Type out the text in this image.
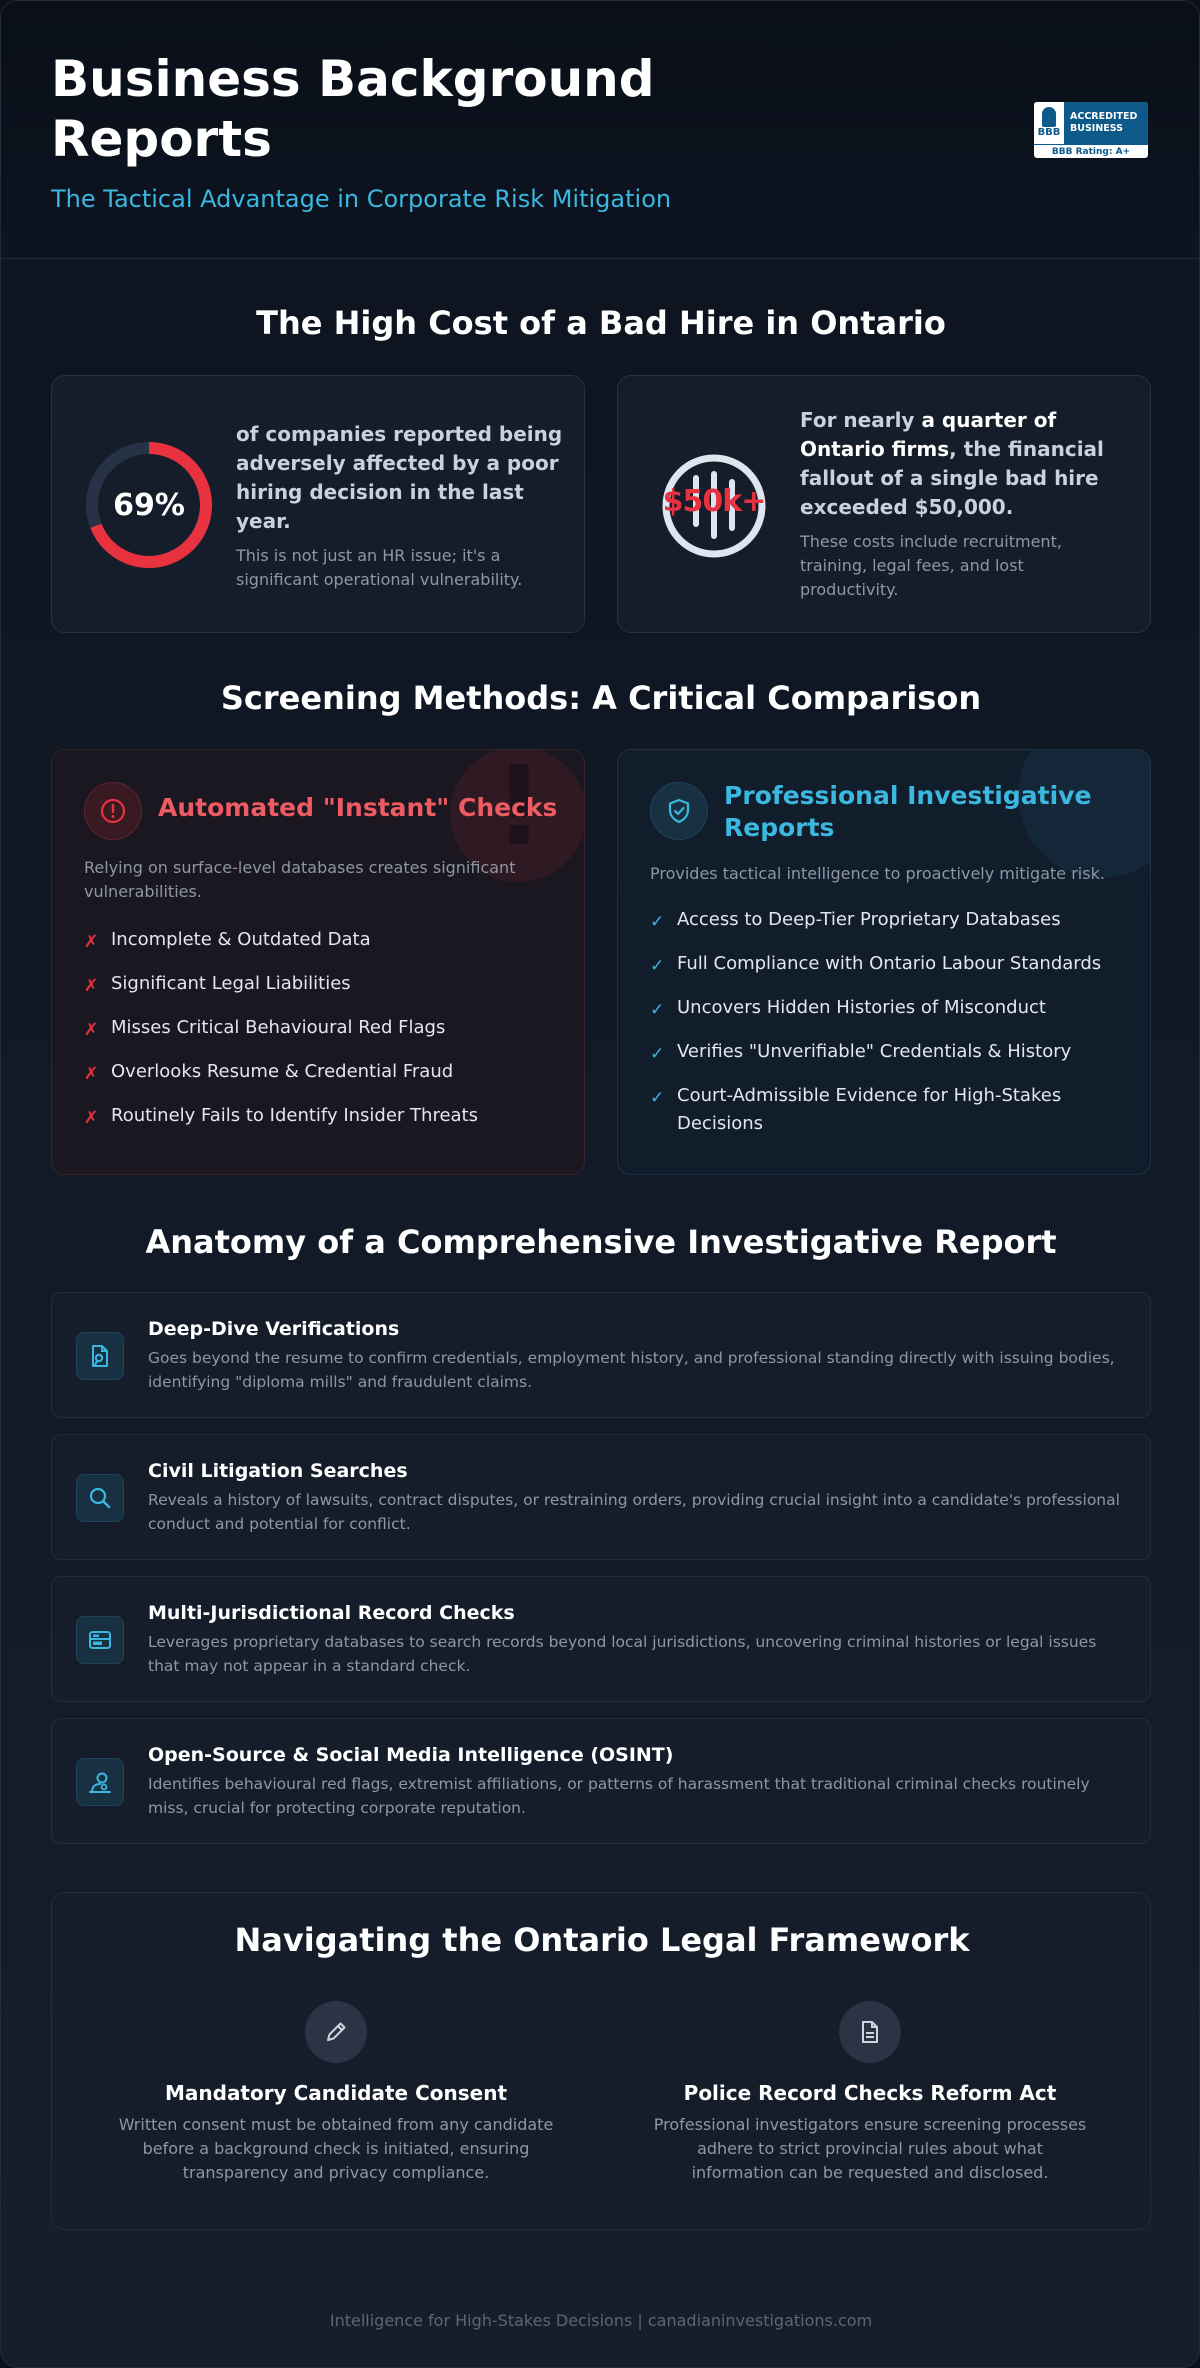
Business Background Reports
The Tactical Advantage in Corporate Risk Mitigation
BBB
ACCREDITED
BUSINESS
BBB Rating: A+
The High Cost of a Bad Hire in Ontario
69%
of companies reported being adversely affected by a poor hiring decision in the last year.
This is not just an HR issue; it's a significant operational vulnerability.
$50k+
For nearly a quarter of Ontario firms, the financial fallout of a single bad hire exceeded $50,000.
These costs include recruitment, training, legal fees, and lost productivity.
Screening Methods: A Critical Comparison
!
Automated "Instant" Checks
Relying on surface-level databases creates significant vulnerabilities.
✗ Incomplete & Outdated Data
✗ Significant Legal Liabilities
✗ Misses Critical Behavioural Red Flags
✗ Overlooks Resume & Credential Fraud
✗ Routinely Fails to Identify Insider Threats
Professional Investigative Reports
Provides tactical intelligence to proactively mitigate risk.
✓ Access to Deep-Tier Proprietary Databases
✓ Full Compliance with Ontario Labour Standards
✓ Uncovers Hidden Histories of Misconduct
✓ Verifies "Unverifiable" Credentials & History
✓ Court-Admissible Evidence for High-Stakes Decisions
Anatomy of a Comprehensive Investigative Report
Deep-Dive Verifications
Goes beyond the resume to confirm credentials, employment history, and professional standing directly with issuing bodies, identifying "diploma mills" and fraudulent claims.
Civil Litigation Searches
Reveals a history of lawsuits, contract disputes, or restraining orders, providing crucial insight into a candidate's professional conduct and potential for conflict.
Multi-Jurisdictional Record Checks
Leverages proprietary databases to search records beyond local jurisdictions, uncovering criminal histories or legal issues that may not appear in a standard check.
Open-Source & Social Media Intelligence (OSINT)
Identifies behavioural red flags, extremist affiliations, or patterns of harassment that traditional criminal checks routinely miss, crucial for protecting corporate reputation.
Navigating the Ontario Legal Framework
Mandatory Candidate Consent
Written consent must be obtained from any candidate before a background check is initiated, ensuring transparency and privacy compliance.
Police Record Checks Reform Act
Professional investigators ensure screening processes adhere to strict provincial rules about what information can be requested and disclosed.
Intelligence for High-Stakes Decisions | canadianinvestigations.com
